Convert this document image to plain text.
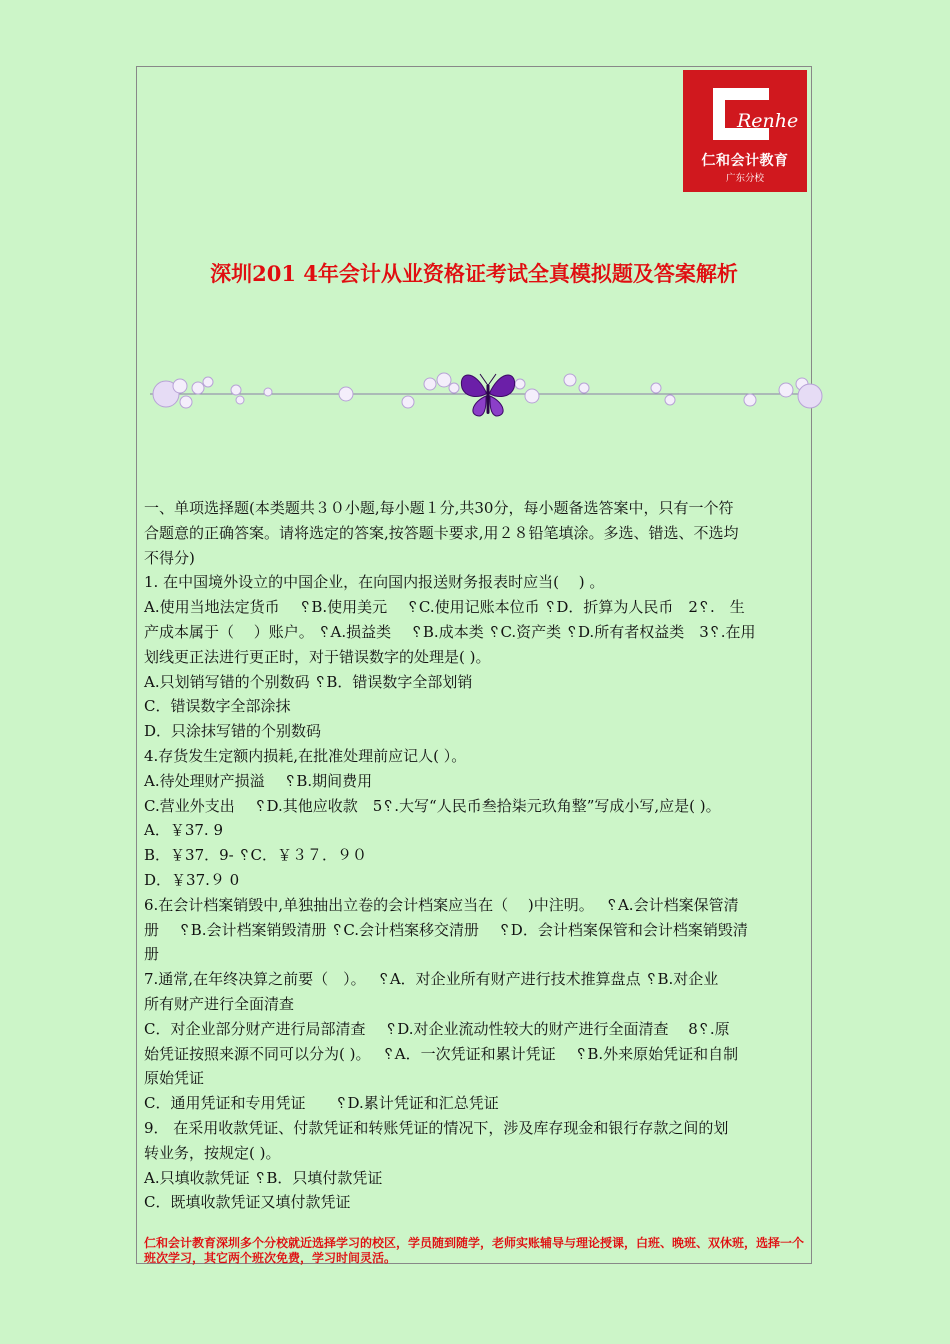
Renhe
仁和会计教育
广东分校
深圳201 4年会计从业资格证考试全真模拟题及答案解析

一、单项选择题(本类题共３０小题,每小题１分,共30分，每小题备选答案中，只有一个符

合题意的正确答案。请将选定的答案,按答题卡要求,用２８铅笔填涂。多选、错选、不选均

不得分)

1. 在中国境外设立的中国企业，在向国内报送财务报表时应当(　 ) 。

A.使用当地法定货币　 ␦B.使用美元　 ␦C.使用记账本位币 ␦D．折算为人民币　2␦.　生

产成本属于（　 ）账户。 ␦A.损益类　 ␦B.成本类 ␦C.资产类 ␦D.所有者权益类　3␦.在用

划线更正法进行更正时，对于错误数字的处理是( )。

A.只划销写错的个别数码 ␦B．错误数字全部划销

C．错误数字全部涂抹

D．只涂抹写错的个别数码

4.存货发生定额内损耗,在批准处理前应记人( ）。

A.待处理财产损溢　 ␦B.期间费用

C.营业外支出　 ␦D.其他应收款　5␦.大写“人民币叁拾柒元玖角整”写成小写,应是( )。

A．￥37. 9

B．￥37．9- ␦C．￥３７．９０

D．￥37.９ 0

6.在会计档案销毁中,单独抽出立卷的会计档案应当在（　 )中注明。　 ␦A.会计档案保管清

册　 ␦B.会计档案销毁清册 ␦C.会计档案移交清册　 ␦D．会计档案保管和会计档案销毁清

册

7.通常,在年终决算之前要（　）。　 ␦A．对企业所有财产进行技术推算盘点 ␦B.对企业

所有财产进行全面清查

C．对企业部分财产进行局部清查　 ␦D.对企业流动性较大的财产进行全面清查　 8␦.原

始凭证按照来源不同可以分为( )。　 ␦A．一次凭证和累计凭证　 ␦B.外来原始凭证和自制

原始凭证

C．通用凭证和专用凭证　　␦D.累计凭证和汇总凭证

9． 在采用收款凭证、付款凭证和转账凭证的情况下，涉及库存现金和银行存款之间的划

转业务，按规定( )。

A.只填收款凭证 ␦B．只填付款凭证

C．既填收款凭证又填付款凭证

仁和会计教育深圳多个分校就近选择学习的校区，学员随到随学，老师实账辅导与理论授课，白班、晚班、双休班，选择一个班次学习，其它两个班次免费，学习时间灵活。
